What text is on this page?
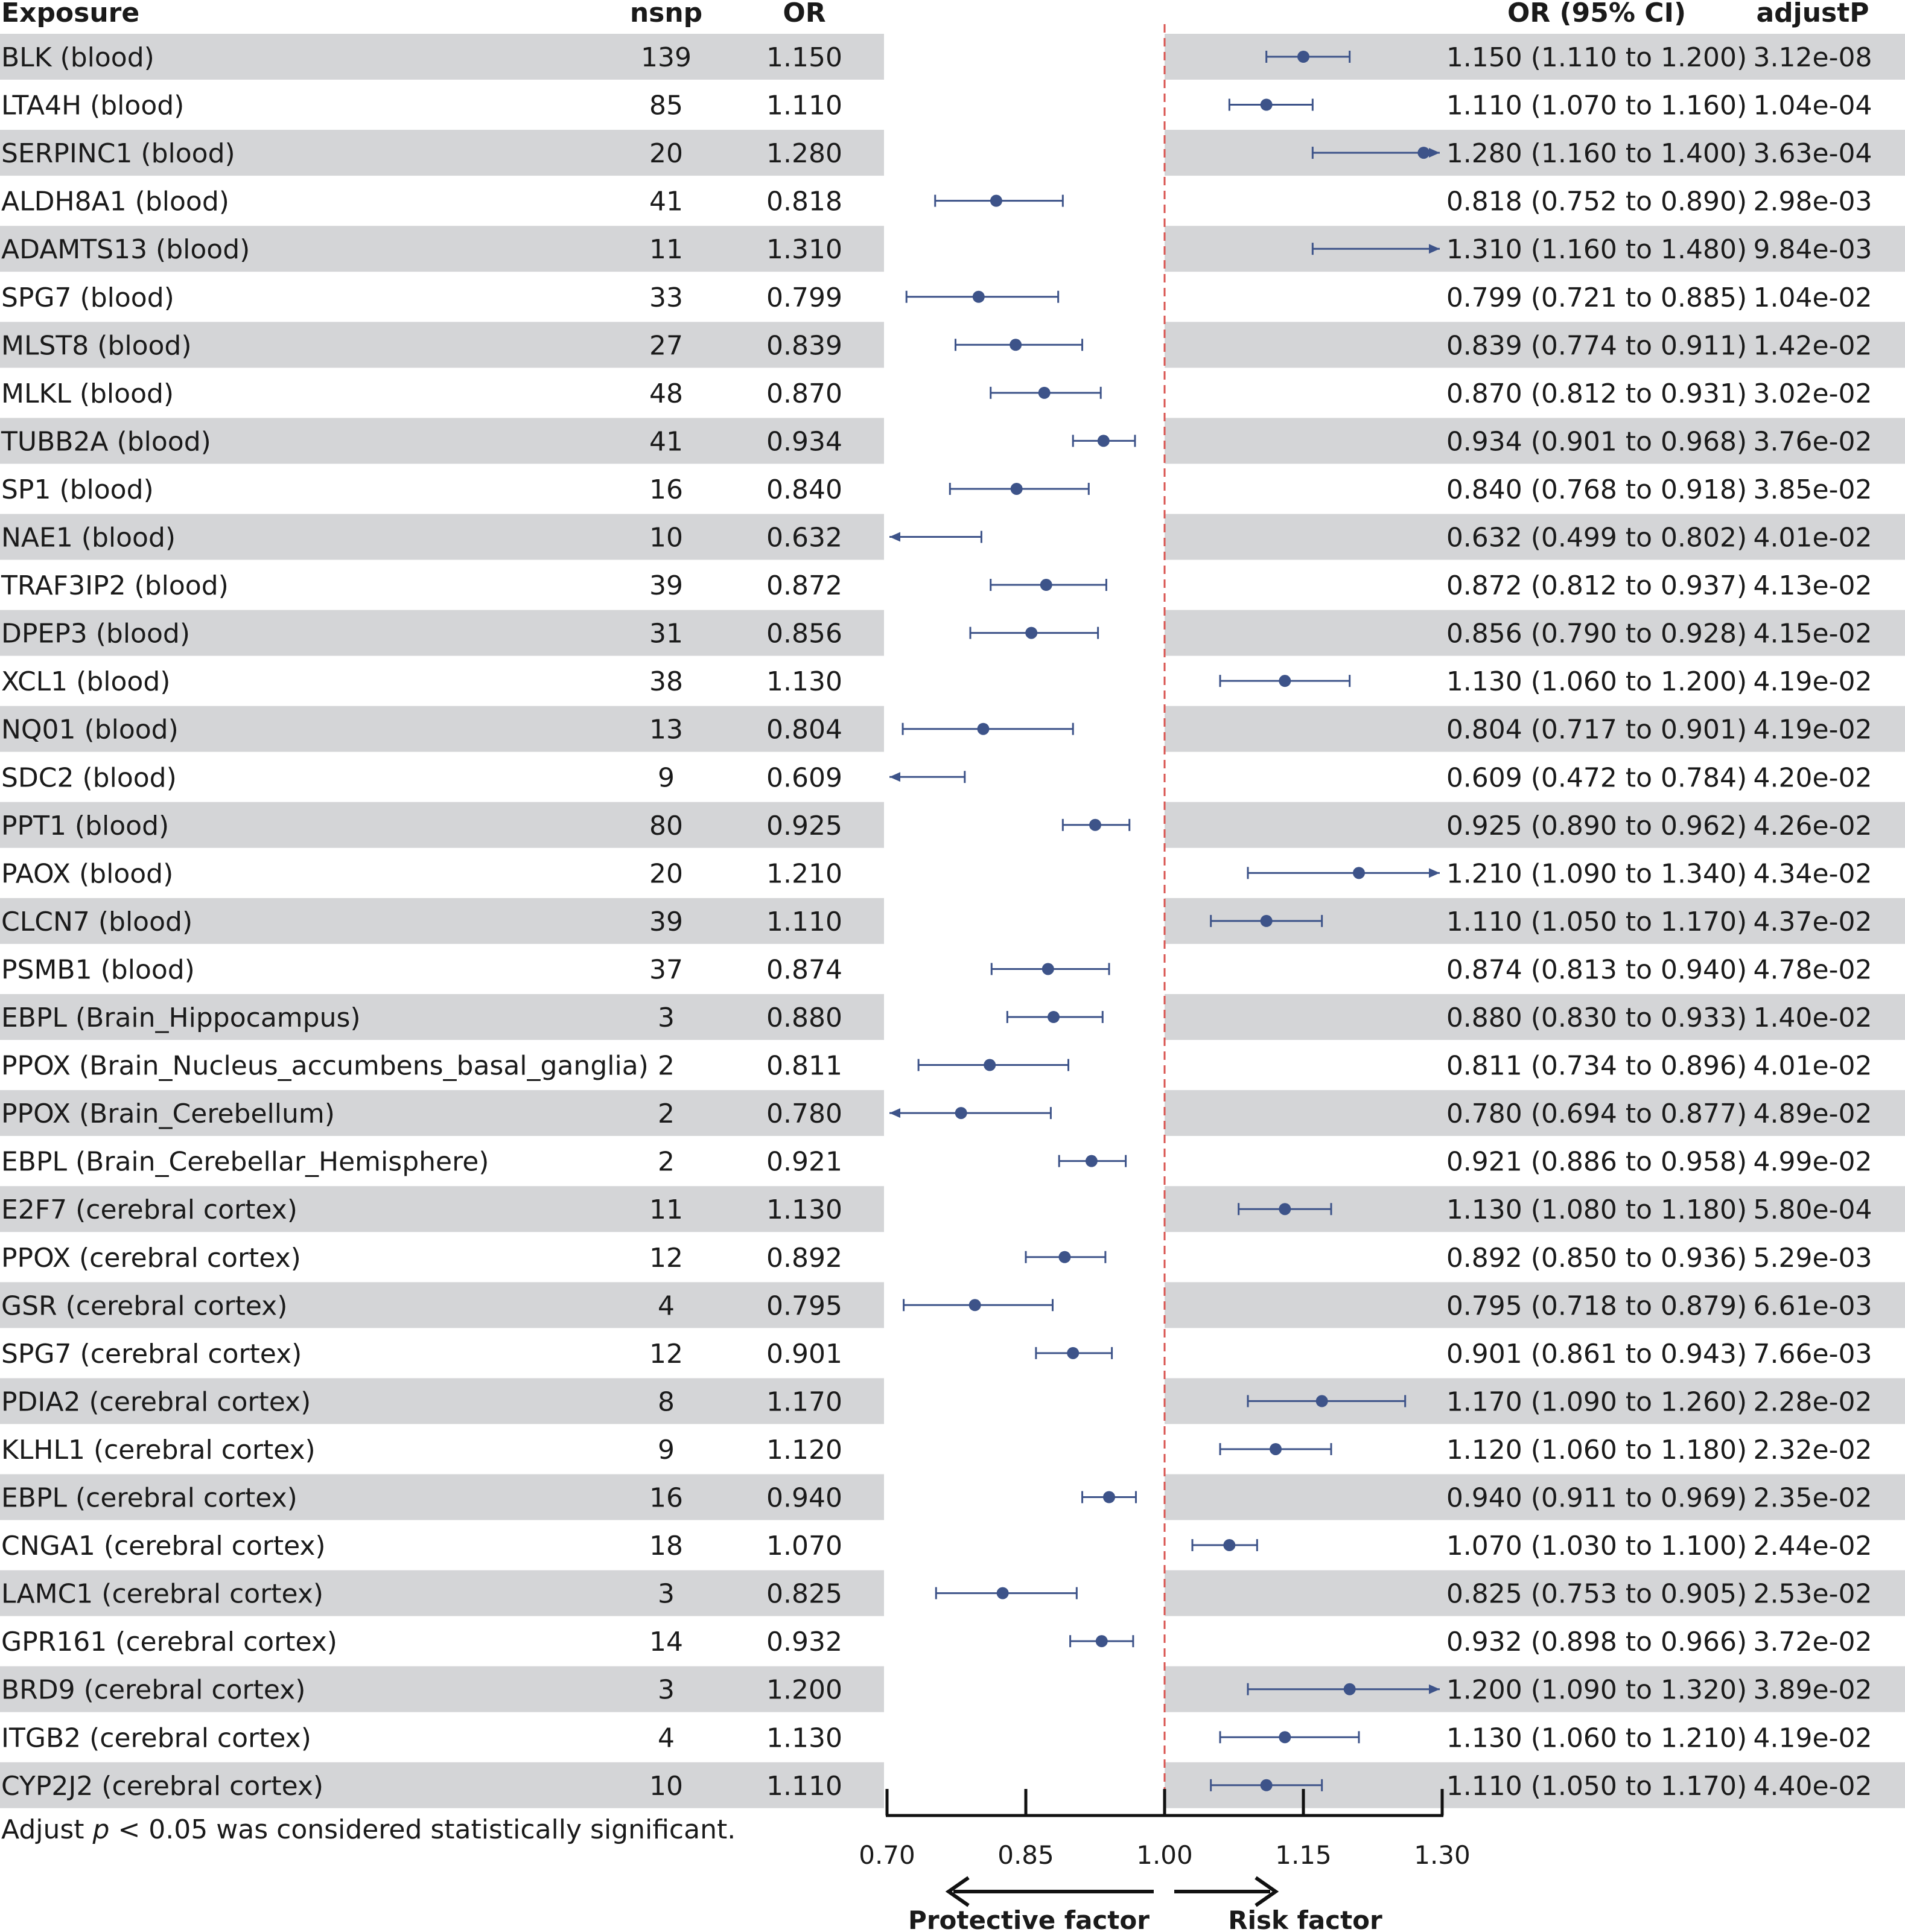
Exposure	nsnp	OR	OR (95% CI)	adjustP
BLK (blood)	139	1.150	1.150 (1.110 to 1.200) 3.12e-08
LTA4H (blood)	85	1.110	1.110 (1.070 to 1.160) 1.04e-04
SERPINC1 (blood)	20	1.280	1.280 (1.160 to 1.400) 3.63e-04
ALDH8A1 (blood)	41	0.818	0.818 (0.752 to 0.890) 2.98e-03
ADAMTS13 (blood)	11	1.310	1.310 (1.160 to 1.480) 9.84e-03
SPG7 (blood)	33	0.799	0.799 (0.721 to 0.885) 1.04e-02
MLST8 (blood)	27	0.839	0.839 (0.774 to 0.911) 1.42e-02
MLKL (blood)	48	0.870	0.870 (0.812 to 0.931) 3.02e-02
TUBB2A (blood)	41	0.934	0.934 (0.901 to 0.968) 3.76e-02
SP1 (blood)	16	0.840	0.840 (0.768 to 0.918) 3.85e-02
NAE1 (blood)	10	0.632	0.632 (0.499 to 0.802) 4.01e-02
TRAF3IP2 (blood)	39	0.872	0.872 (0.812 to 0.937) 4.13e-02
DPEP3 (blood)	31	0.856	0.856 (0.790 to 0.928) 4.15e-02
XCL1 (blood)	38	1.130	1.130 (1.060 to 1.200) 4.19e-02
NQ01 (blood)	13	0.804	0.804 (0.717 to 0.901) 4.19e-02
SDC2 (blood)	9	0.609	0.609 (0.472 to 0.784) 4.20e-02
PPT1 (blood)	80	0.925	0.925 (0.890 to 0.962) 4.26e-02
PAOX (blood)	20	1.210	1.210 (1.090 to 1.340) 4.34e-02
CLCN7 (blood)	39	1.110	1.110 (1.050 to 1.170) 4.37e-02
PSMB1 (blood)	37	0.874	0.874 (0.813 to 0.940) 4.78e-02
EBPL (Brain_Hippocampus)	3	0.880	0.880 (0.830 to 0.933) 1.40e-02
PPOX (Brain_Nucleus_accumbens_basal_ganglia) 2	0.811	0.811 (0.734 to 0.896) 4.01e-02
PPOX (Brain_Cerebellum)	2	0.780	0.780 (0.694 to 0.877) 4.89e-02
EBPL (Brain_Cerebellar_Hemisphere)	2	0.921	0.921 (0.886 to 0.958) 4.99e-02
E2F7 (cerebral cortex)	11	1.130	1.130 (1.080 to 1.180) 5.80e-04
PPOX (cerebral cortex)	12	0.892	0.892 (0.850 to 0.936) 5.29e-03
GSR (cerebral cortex)	4	0.795	0.795 (0.718 to 0.879) 6.61e-03
SPG7 (cerebral cortex)	12	0.901	0.901 (0.861 to 0.943) 7.66e-03
PDIA2 (cerebral cortex)	8	1.170	1.170 (1.090 to 1.260) 2.28e-02
KLHL1 (cerebral cortex)	9	1.120	1.120 (1.060 to 1.180) 2.32e-02
EBPL (cerebral cortex)	16	0.940	0.940 (0.911 to 0.969) 2.35e-02
CNGA1 (cerebral cortex)	18	1.070	1.070 (1.030 to 1.100) 2.44e-02
LAMC1 (cerebral cortex)	3	0.825	0.825 (0.753 to 0.905) 2.53e-02
GPR161 (cerebral cortex)	14	0.932	0.932 (0.898 to 0.966) 3.72e-02
BRD9 (cerebral cortex)	3	1.200	1.200 (1.090 to 1.320) 3.89e-02
ITGB2 (cerebral cortex)	4	1.130	1.130 (1.060 to 1.210) 4.19e-02
CYP2J2 (cerebral cortex)	10	1.110	1.110 (1.050 to 1.170) 4.40e-02
0.70	0.85	1.00	1.15	1.30
Protective factor	Risk factor
Adjust p < 0.05 was considered statistically significant.
